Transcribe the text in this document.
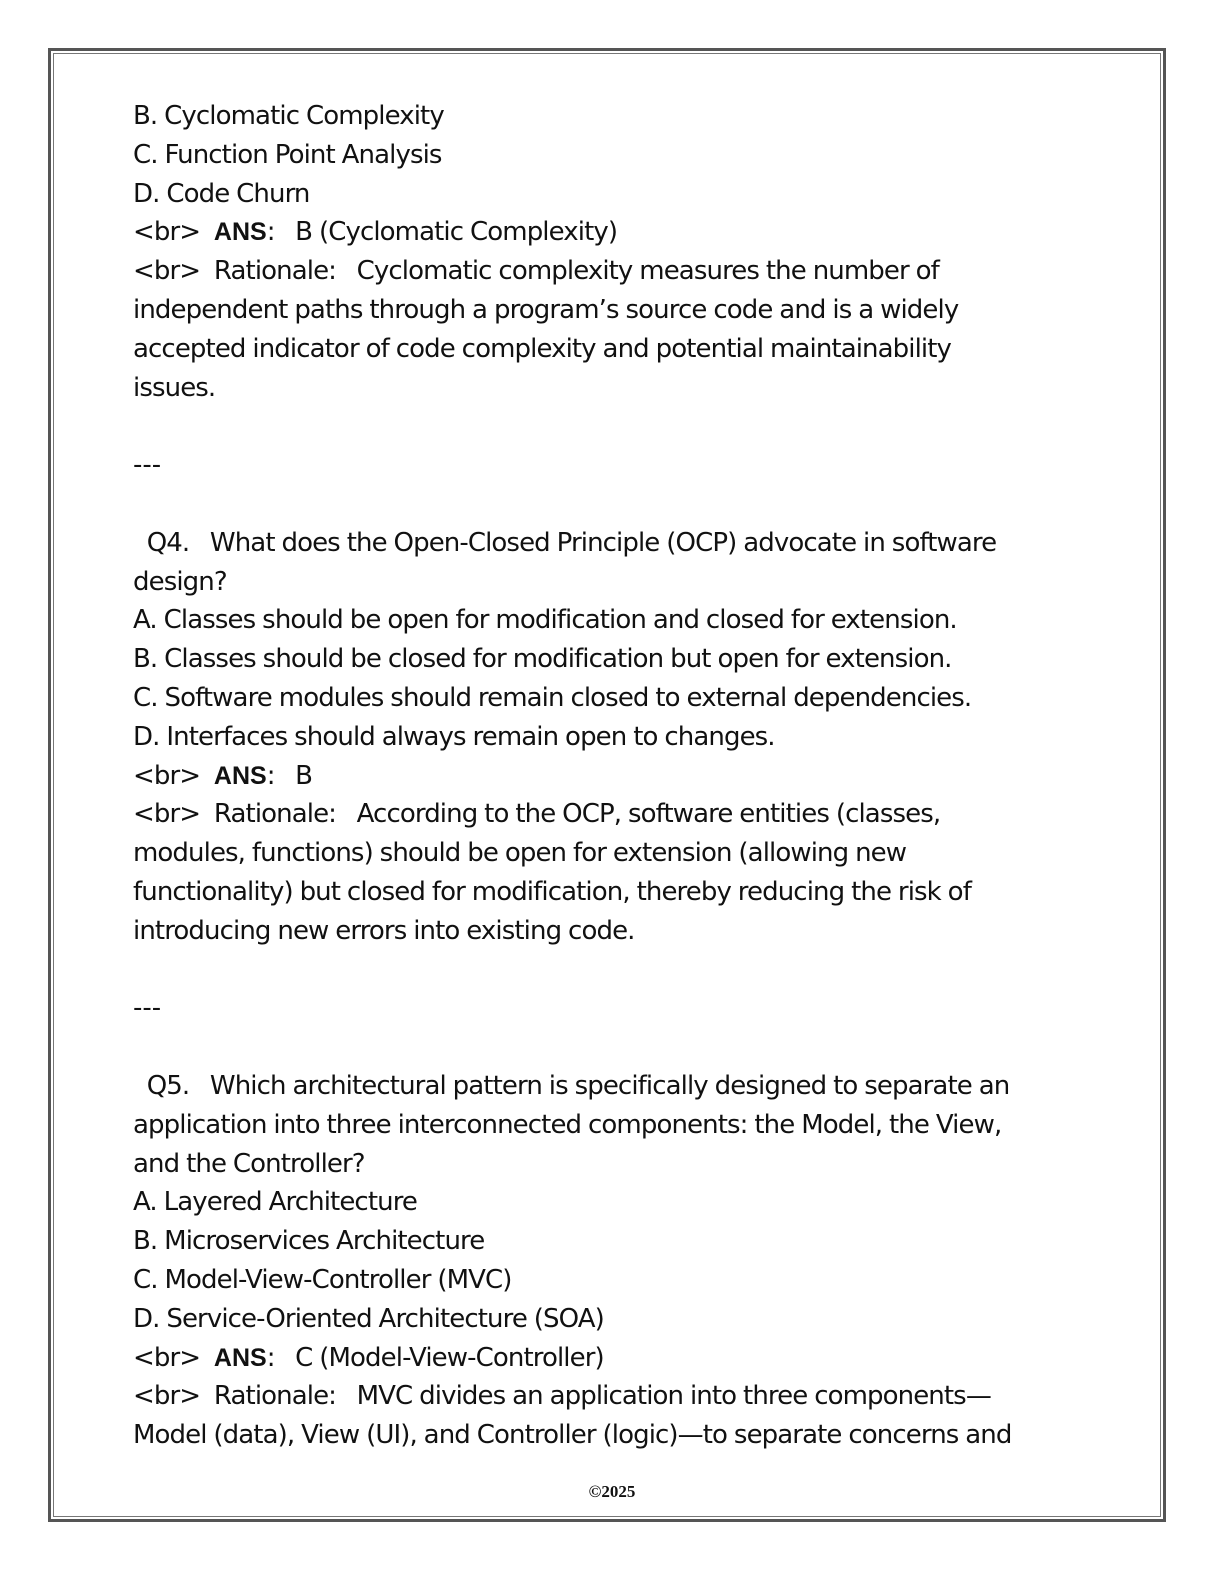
B. Cyclomatic Complexity
C. Function Point Analysis
D. Code Churn
<br>  ANS:   B (Cyclomatic Complexity)
<br>  Rationale:   Cyclomatic complexity measures the number of
independent paths through a program’s source code and is a widely
accepted indicator of code complexity and potential maintainability
issues.
---
Q4.   What does the Open-Closed Principle (OCP) advocate in software
design?
A. Classes should be open for modification and closed for extension.
B. Classes should be closed for modification but open for extension.
C. Software modules should remain closed to external dependencies.
D. Interfaces should always remain open to changes.
<br>  ANS:   B
<br>  Rationale:   According to the OCP, software entities (classes,
modules, functions) should be open for extension (allowing new
functionality) but closed for modification, thereby reducing the risk of
introducing new errors into existing code.
---
Q5.   Which architectural pattern is specifically designed to separate an
application into three interconnected components: the Model, the View,
and the Controller?
A. Layered Architecture
B. Microservices Architecture
C. Model-View-Controller (MVC)
D. Service-Oriented Architecture (SOA)
<br>  ANS:   C (Model-View-Controller)
<br>  Rationale:   MVC divides an application into three components—
Model (data), View (UI), and Controller (logic)—to separate concerns and
©2025
